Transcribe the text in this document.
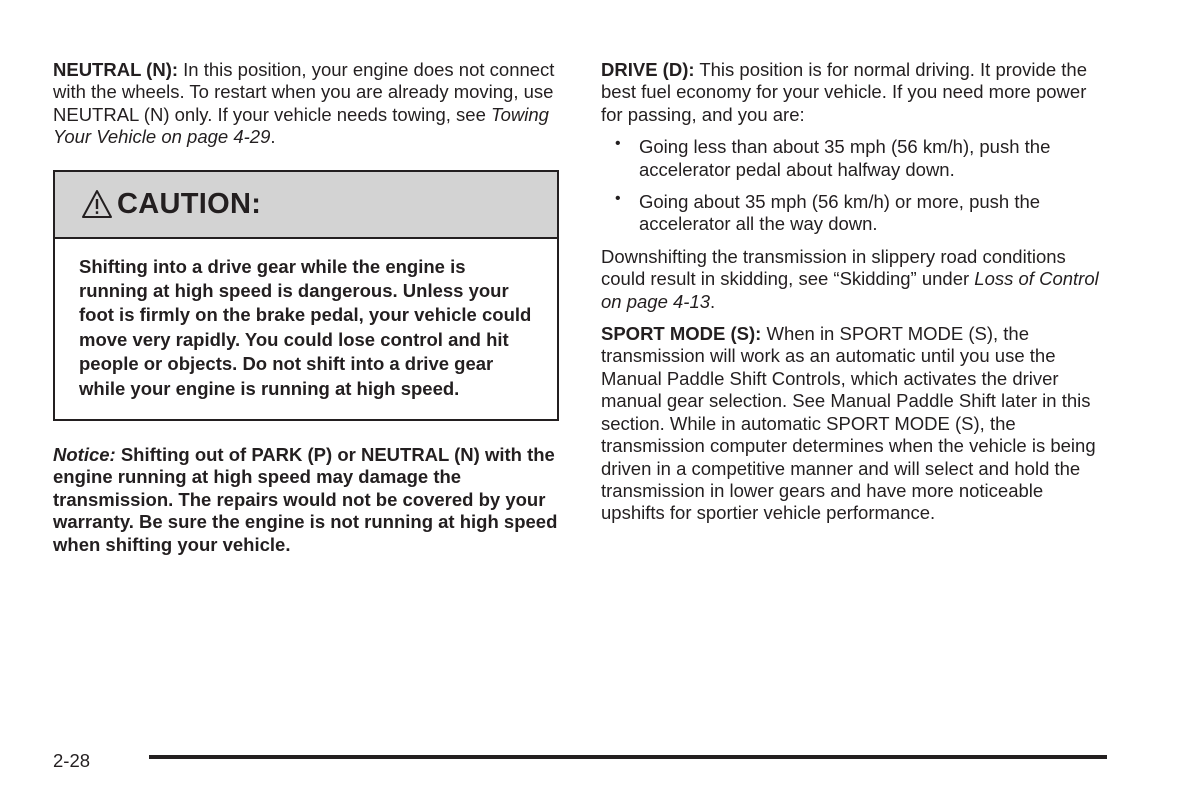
NEUTRAL (N): In this position, your engine does not connect with the wheels. To restart when you are already moving, use NEUTRAL (N) only. If your vehicle needs towing, see Towing Your Vehicle on page 4-29.

CAUTION:
Shifting into a drive gear while the engine is running at high speed is dangerous. Unless your foot is firmly on the brake pedal, your vehicle could move very rapidly. You could lose control and hit people or objects. Do not shift into a drive gear while your engine is running at high speed.

Notice: Shifting out of PARK (P) or NEUTRAL (N) with the engine running at high speed may damage the transmission. The repairs would not be covered by your warranty. Be sure the engine is not running at high speed when shifting your vehicle.

DRIVE (D): This position is for normal driving. It provide the best fuel economy for your vehicle. If you need more power for passing, and you are:

• Going less than about 35 mph (56 km/h), push the accelerator pedal about halfway down.
• Going about 35 mph (56 km/h) or more, push the accelerator all the way down.

Downshifting the transmission in slippery road conditions could result in skidding, see “Skidding” under Loss of Control on page 4-13.

SPORT MODE (S): When in SPORT MODE (S), the transmission will work as an automatic until you use the Manual Paddle Shift Controls, which activates the driver manual gear selection. See Manual Paddle Shift later in this section. While in automatic SPORT MODE (S), the transmission computer determines when the vehicle is being driven in a competitive manner and will select and hold the transmission in lower gears and have more noticeable upshifts for sportier vehicle performance.

2-28
